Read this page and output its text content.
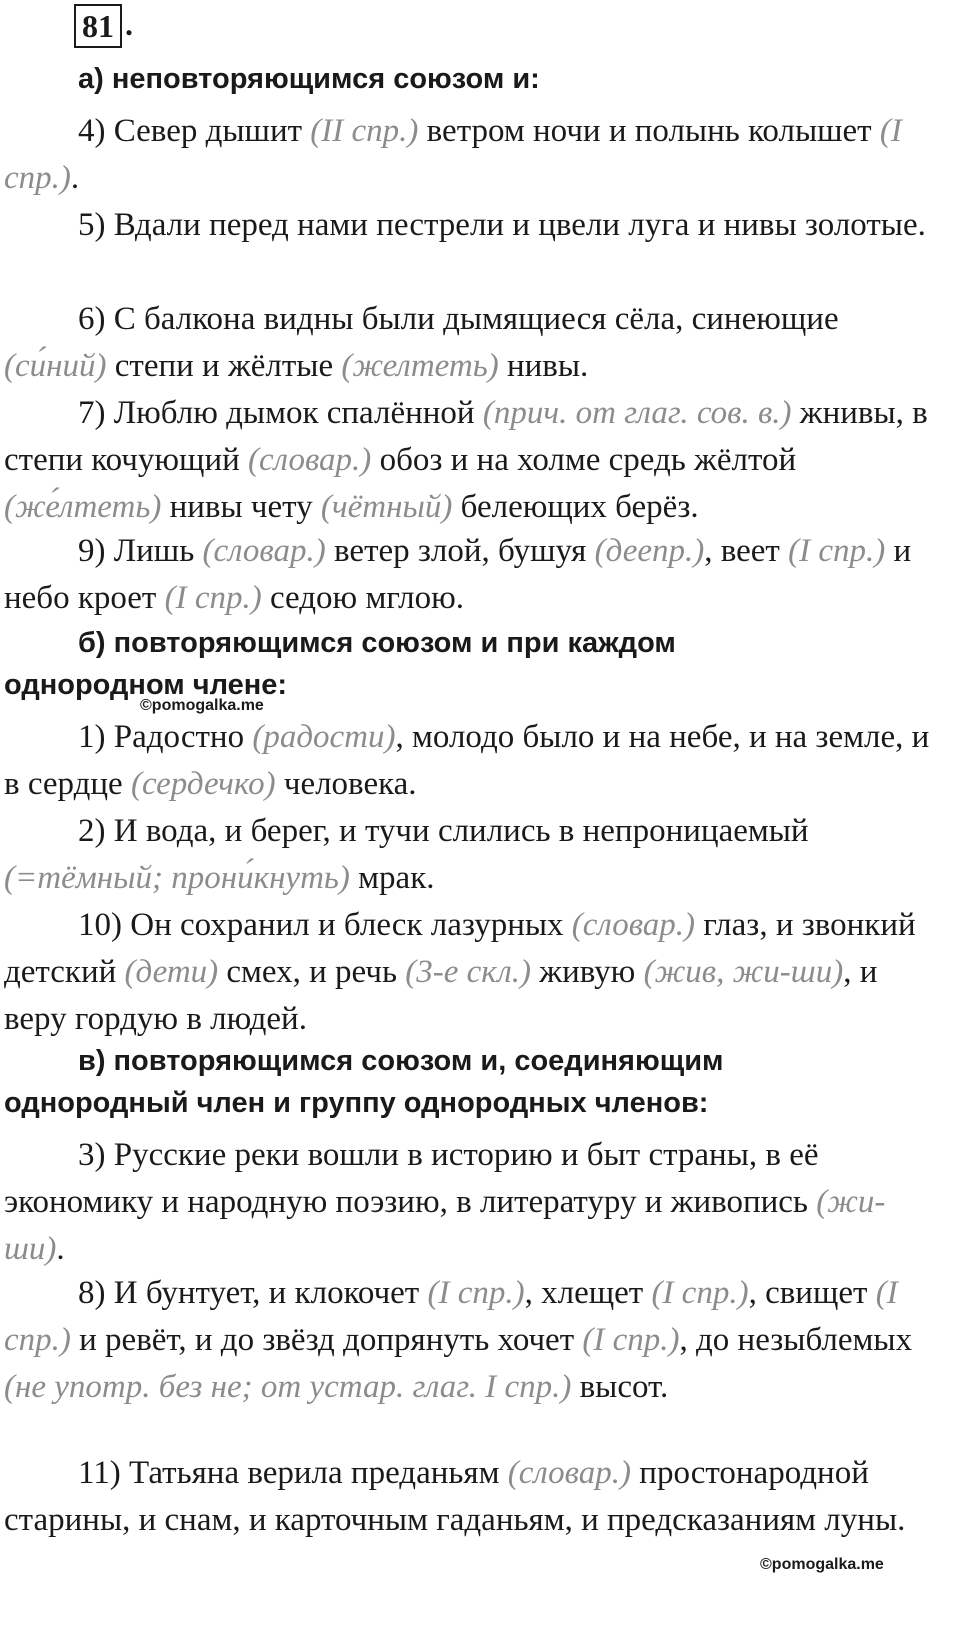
81 .
а) неповторяющимся союзом и:
4) Север дышит (II спр.) ветром ночи и полынь колышет (I спр.).
5) Вдали перед нами пестрели и цвели луга и нивы золотые.
6) С балкона видны были дымящиеся сёла, синеющие (си́ний) степи и жёлтые (желтеть) нивы.
7) Люблю дымок спалённой (прич. от глаг. сов. в.) жнивы, в степи кочующий (словар.) обоз и на холме средь жёлтой (же́лтеть) нивы чету (чётный) белеющих берёз.
9) Лишь (словар.) ветер злой, бушуя (деепр.), веет (I спр.) и небо кроет (I спр.) седою мглою.
б) повторяющимся союзом и при каждом
однородном члене:
©pomogalka.me
1) Радостно (радости), молодо было и на небе, и на земле, и в сердце (сердечко) человека.
2) И вода, и берег, и тучи слились в непроницаемый (=тёмный; прони́кнуть) мрак.
10) Он сохранил и блеск лазурных (словар.) глаз, и звонкий детский (дети) смех, и речь (3-е скл.) живую (жив, жи-ши), и веру гордую в людей.
в) повторяющимся союзом и, соединяющим
однородный член и группу однородных членов:
3) Русские реки вошли в историю и быт страны, в её экономику и народную поэзию, в литературу и живопись (жи-ши).
8) И бунтует, и клокочет (I спр.), хлещет (I спр.), свищет (I спр.) и ревёт, и до звёзд допрянуть хочет (I спр.), до незыблемых (не употр. без не; от устар. глаг. I спр.) высот.
11) Татьяна верила преданьям (словар.) простонародной старины, и снам, и карточным гаданьям, и предсказаниям луны.
©pomogalka.me
